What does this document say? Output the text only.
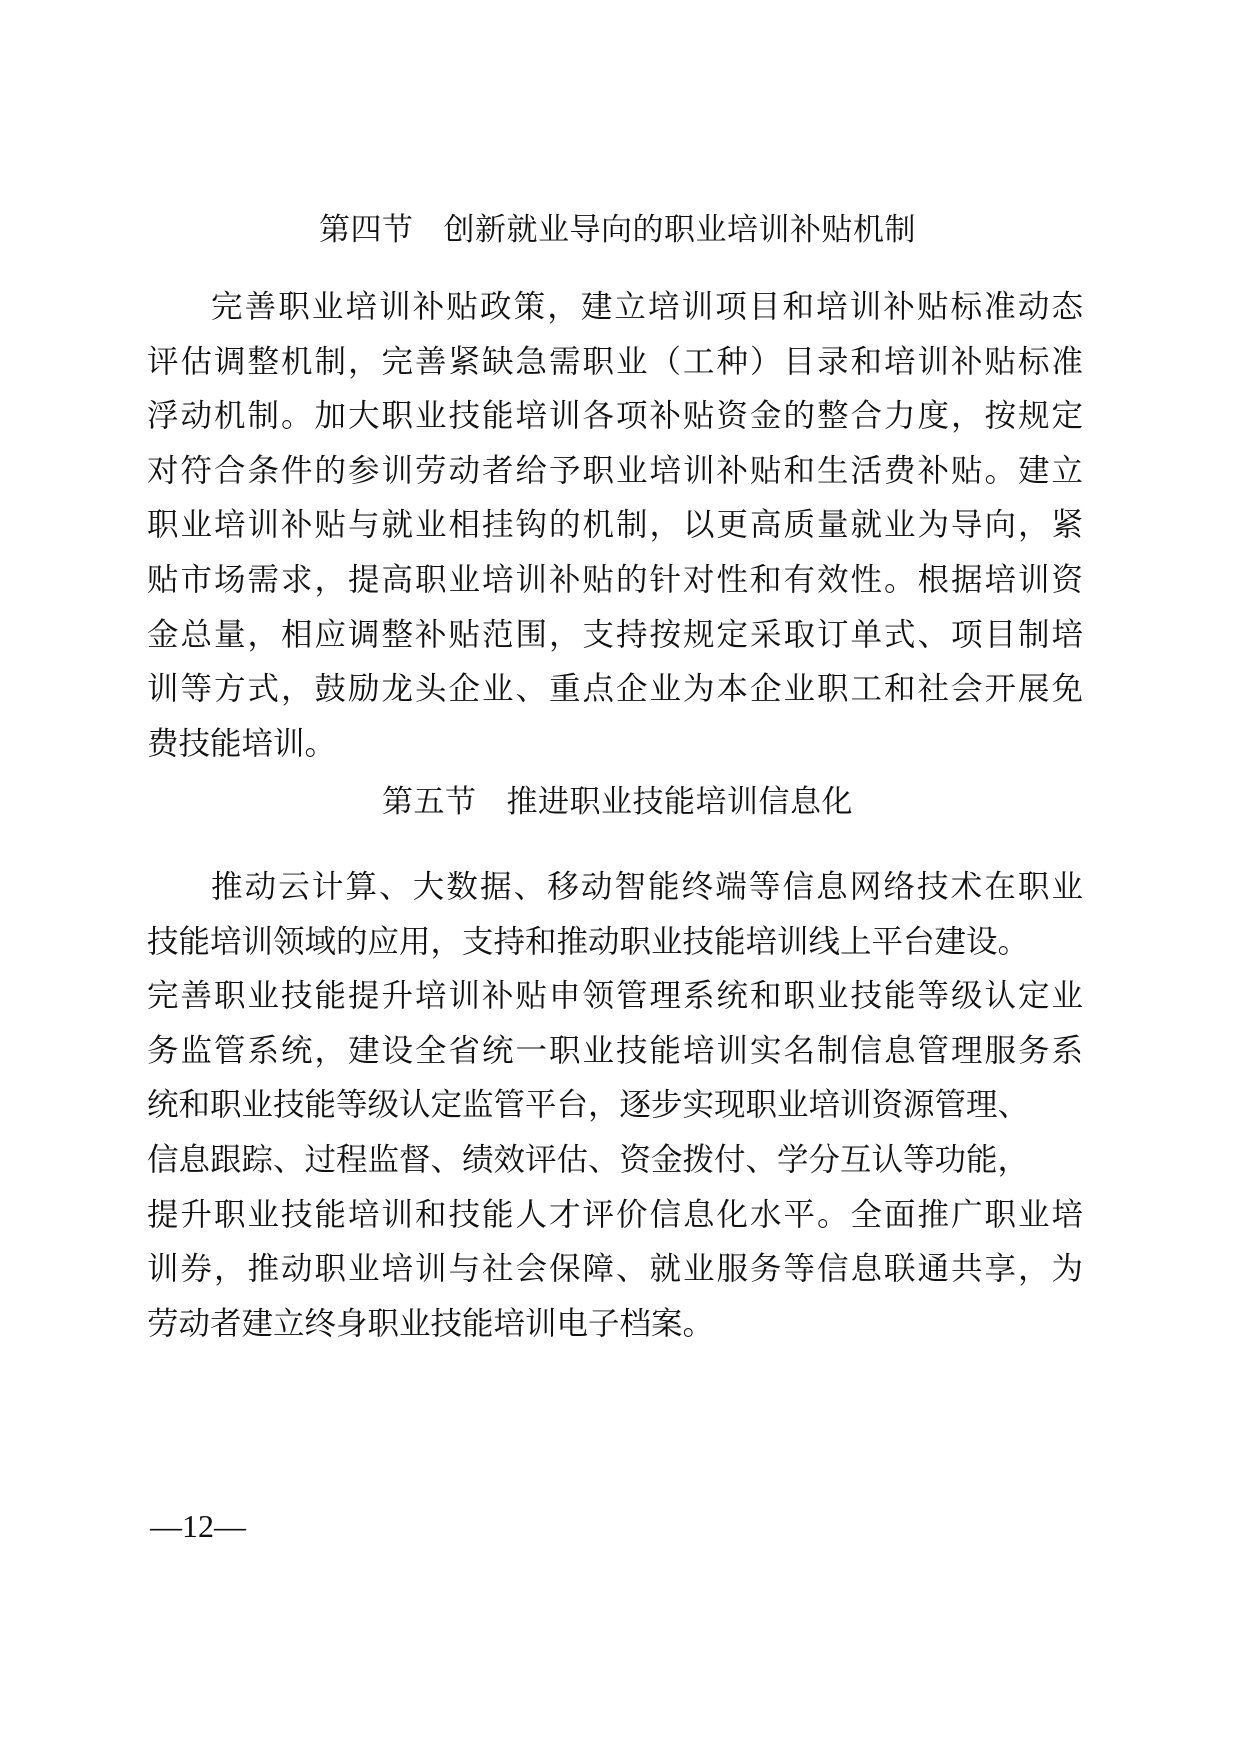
第四节 创新就业导向的职业培训补贴机制
完善职业培训补贴政策，建立培训项目和培训补贴标准动态
评估调整机制，完善紧缺急需职业（工种）目录和培训补贴标准
浮动机制。加大职业技能培训各项补贴资金的整合力度，按规定
对符合条件的参训劳动者给予职业培训补贴和生活费补贴。建立
职业培训补贴与就业相挂钩的机制，以更高质量就业为导向，紧
贴市场需求，提高职业培训补贴的针对性和有效性。根据培训资
金总量，相应调整补贴范围，支持按规定采取订单式、项目制培
训等方式，鼓励龙头企业、重点企业为本企业职工和社会开展免
费技能培训。
第五节 推进职业技能培训信息化
推动云计算、大数据、移动智能终端等信息网络技术在职业
技能培训领域的应用，支持和推动职业技能培训线上平台建设。
完善职业技能提升培训补贴申领管理系统和职业技能等级认定业
务监管系统，建设全省统一职业技能培训实名制信息管理服务系
统和职业技能等级认定监管平台，逐步实现职业培训资源管理、
信息跟踪、过程监督、绩效评估、资金拨付、学分互认等功能，
提升职业技能培训和技能人才评价信息化水平。全面推广职业培
训券，推动职业培训与社会保障、就业服务等信息联通共享，为
劳动者建立终身职业技能培训电子档案。
—12—
